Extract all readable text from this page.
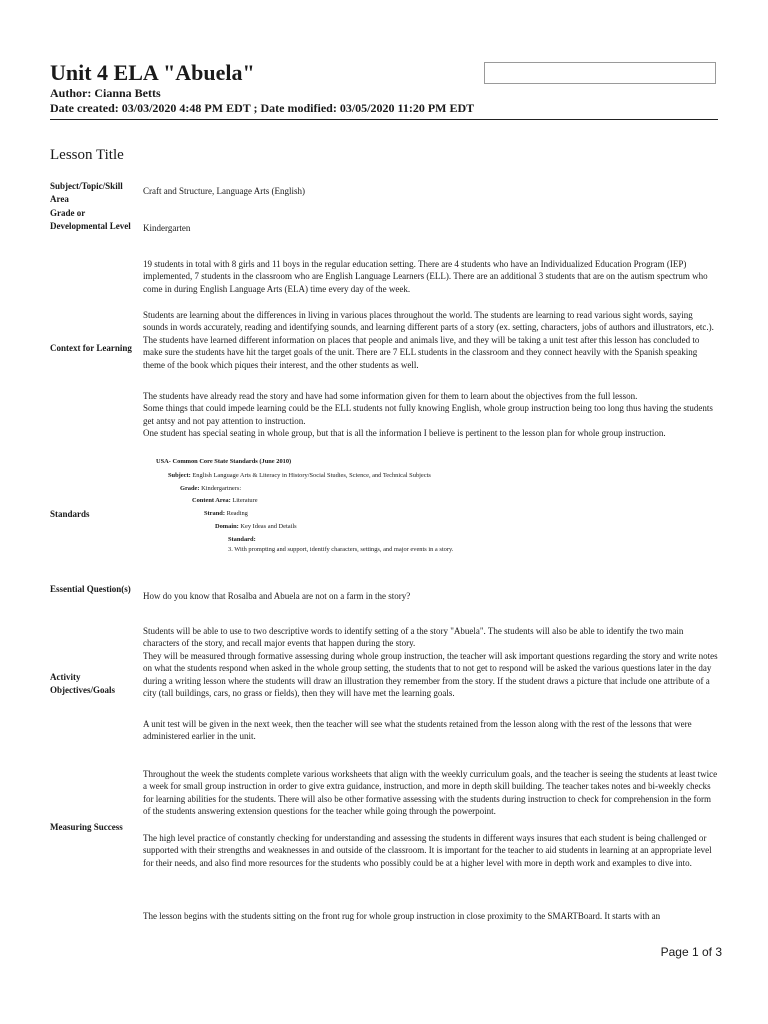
Unit 4 ELA "Abuela"
Author: Cianna Betts
Date created: 03/03/2020 4:48 PM EDT ; Date modified: 03/05/2020 11:20 PM EDT
Lesson Title
Subject/Topic/Skill Area
Craft and Structure, Language Arts (English)
Grade or Developmental Level	Kindergarten
Context for Learning

19 students in total with 8 girls and 11 boys in the regular education setting. There are 4 students who have an Individualized Education Program (IEP) implemented, 7 students in the classroom who are English Language Learners (ELL). There are an additional 3 students that are on the autism spectrum who come in during English Language Arts (ELA) time every day of the week.

Students are learning about the differences in living in various places throughout the world. The students are learning to read various sight words, saying sounds in words accurately, reading and identifying sounds, and learning different parts of a story (ex. setting, characters, jobs of authors and illustrators, etc.). The students have learned different information on places that people and animals live, and they will be taking a unit test after this lesson has concluded to make sure the students have hit the target goals of the unit. There are 7 ELL students in the classroom and they connect heavily with the Spanish speaking theme of the book which piques their interest, and the other students as well.

The students have already read the story and have had some information given for them to learn about the objectives from the full lesson.

Some things that could impede learning could be the ELL students not fully knowing English, whole group instruction being too long thus having the students get antsy and not pay attention to instruction.

One student has special seating in whole group, but that is all the information I believe is pertinent to the lesson plan for whole group instruction.

Standards
USA- Common Core State Standards (June 2010)
Subject: English Language Arts & Literacy in History/Social Studies, Science, and Technical Subjects
Grade: Kindergartners:
Content Area: Literature
Strand: Reading
Domain: Key Ideas and Details
Standard:
3. With prompting and support, identify characters, settings, and major events in a story.
Essential Question(s)
How do you know that Rosalba and Abuela are not on a farm in the story?
Activity Objectives/Goals

Students will be able to use to two descriptive words to identify setting of a the story "Abuela". The students will also be able to identify the two main characters of the story, and recall major events that happen during the story.

They will be measured through formative assessing during whole group instruction, the teacher will ask important questions regarding the story and write notes on what the students respond when asked in the whole group setting, the students that to not get to respond will be asked the various questions later in the day during a writing lesson where the students will draw an illustration they remember from the story. If the student draws a picture that include one attribute of a city (tall buildings, cars, no grass or fields), then they will have met the learning goals.

A unit test will be given in the next week, then the teacher will see what the students retained from the lesson along with the rest of the lessons that were administered earlier in the unit.

Measuring Success

Throughout the week the students complete various worksheets that align with the weekly curriculum goals, and the teacher is seeing the students at least twice a week for small group instruction in order to give extra guidance, instruction, and more in depth skill building. The teacher takes notes and bi-weekly checks for learning abilities for the students. There will also be other formative assessing with the students during instruction to check for comprehension in the form of the students answering extension questions for the teacher while going through the powerpoint.

The high level practice of constantly checking for understanding and assessing the students in different ways insures that each student is being challenged or supported with their strengths and weaknesses in and outside of the classroom. It is important for the teacher to aid students in learning at an appropriate level for their needs, and also find more resources for the students who possibly could be at a higher level with more in depth work and examples to dive into.

The lesson begins with the students sitting on the front rug for whole group instruction in close proximity to the SMARTBoard. It starts with an
Page 1 of 3
